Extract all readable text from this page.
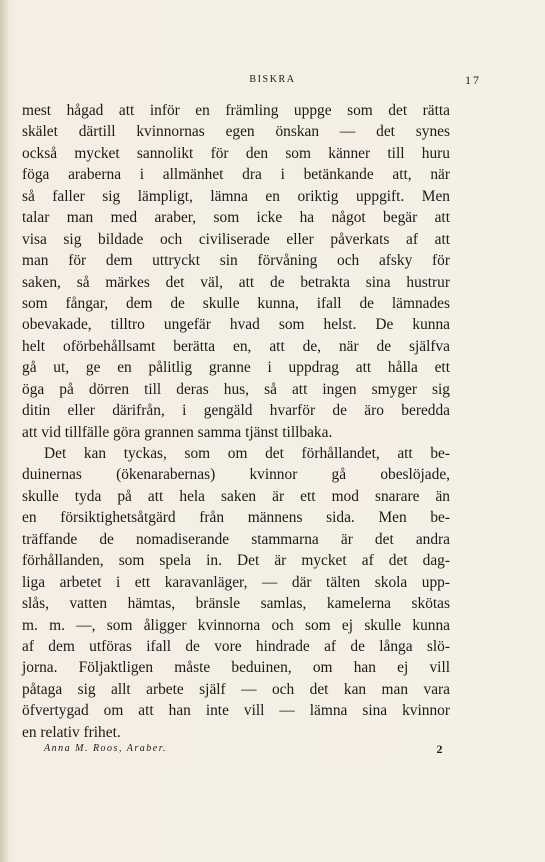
BISKRA	17

mest hågad att inför en främling uppge som det rätta
skälet därtill kvinnornas egen önskan — det synes
också mycket sannolikt för den som känner till huru
föga araberna i allmänhet dra i betänkande att, när
så faller sig lämpligt, lämna en oriktig uppgift. Men
talar man med araber, som icke ha något begär att
visa sig bildade och civiliserade eller påverkats af att
man för dem uttryckt sin förvåning och afsky för
saken, så märkes det väl, att de betrakta sina hustrur
som fångar, dem de skulle kunna, ifall de lämnades
obevakade, tilltro ungefär hvad som helst. De kunna
helt oförbehållsamt berätta en, att de, när de själfva
gå ut, ge en pålitlig granne i uppdrag att hålla ett
öga på dörren till deras hus, så att ingen smyger sig
ditin eller därifrån, i gengäld hvarför de äro beredda
att vid tillfälle göra grannen samma tjänst tillbaka.

Det kan tyckas, som om det förhållandet, att be-
duinernas (ökenarabernas) kvinnor gå obeslöjade,
skulle tyda på att hela saken är ett mod snarare än
en försiktighetsåtgärd från männens sida. Men be-
träffande de nomadiserande stammarna är det andra
förhållanden, som spela in. Det är mycket af det dag-
liga arbetet i ett karavanläger, — där tälten skola upp-
slås, vatten hämtas, bränsle samlas, kamelerna skötas
m. m. —, som åligger kvinnorna och som ej skulle kunna
af dem utföras ifall de vore hindrade af de långa slö-
jorna. Följaktligen måste beduinen, om han ej vill
påtaga sig allt arbete själf — och det kan man vara
öfvertygad om att han inte vill — lämna sina kvinnor
en relativ frihet.

Anna M. Roos, Araber.	2
